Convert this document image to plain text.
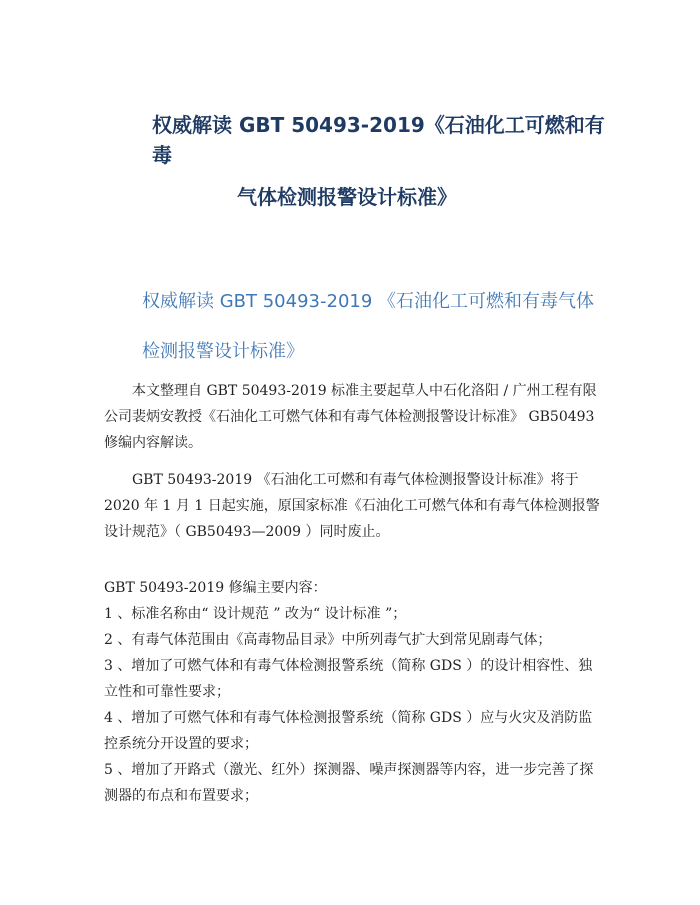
权威解读 GBT 50493-2019《石油化工可燃和有毒
气体检测报警设计标准》
权威解读 GBT 50493-2019 《石油化工可燃和有毒气体
检测报警设计标准》

本文整理自 GBT 50493-2019 标准主要起草人中石化洛阳 / 广州工程有限公司裴炳安教授《石油化工可燃气体和有毒气体检测报警设计标准》 GB50493 修编内容解读。

GBT 50493-2019 《石油化工可燃和有毒气体检测报警设计标准》将于 2020 年 1 月 1 日起实施，原国家标准《石油化工可燃气体和有毒气体检测报警设计规范》（ GB50493—2009 ）同时废止。

GBT 50493-2019 修编主要内容：
1 、标准名称由“ 设计规范 ” 改为“ 设计标准 ”；
2 、有毒气体范围由《高毒物品目录》中所列毒气扩大到常见剧毒气体；
3 、增加了可燃气体和有毒气体检测报警系统（简称 GDS ）的设计相容性、独立性和可靠性要求；
4 、增加了可燃气体和有毒气体检测报警系统（简称 GDS ）应与火灾及消防监控系统分开设置的要求；
5 、增加了开路式（激光、红外）探测器、噪声探测器等内容，进一步完善了探测器的布点和布置要求；
